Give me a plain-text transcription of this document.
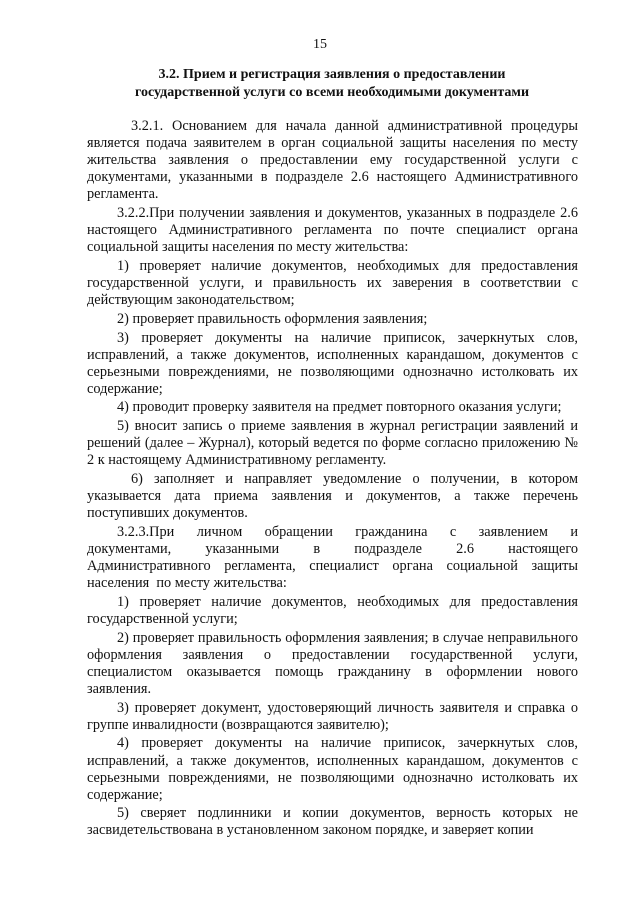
15
3.2. Прием и регистрация заявления о предоставлении
государственной услуги со всеми необходимыми документами

3.2.1. Основанием для начала данной административной процедуры является подача заявителем в орган социальной защиты населения по месту жительства заявления о предоставлении ему государственной услуги с документами, указанными в подразделе 2.6 настоящего Административного регламента.

3.2.2.При получении заявления и документов, указанных в подразделе 2.6 настоящего Административного регламента по почте специалист органа социальной защиты населения по месту жительства:

1) проверяет наличие документов, необходимых для предоставления государственной услуги, и правильность их заверения в соответствии с действующим законодательством;

2) проверяет правильность оформления заявления;

3) проверяет документы на наличие приписок, зачеркнутых слов, исправлений, а также документов, исполненных карандашом, документов с серьезными повреждениями, не позволяющими однозначно истолковать их содержание;

4) проводит проверку заявителя на предмет повторного оказания услуги;

5) вносит запись о приеме заявления в журнал регистрации заявлений и решений (далее – Журнал), который ведется по форме согласно приложению № 2 к настоящему Административному регламенту.

6) заполняет и направляет уведомление о получении, в котором указывается дата приема заявления и документов, а также перечень поступивших документов.

3.2.3.При    личном    обращении    гражданина    с    заявлением    и документами,    указанными    в    подразделе    2.6    настоящего Административного регламента, специалист органа социальной защиты населения  по месту жительства:

1) проверяет наличие документов, необходимых для предоставления государственной услуги;

2) проверяет правильность оформления заявления; в случае неправильного оформления заявления о предоставлении государственной услуги, специалистом оказывается помощь гражданину в оформлении нового заявления.

3) проверяет документ, удостоверяющий личность заявителя и справка о группе инвалидности (возвращаются заявителю);

4) проверяет документы на наличие приписок, зачеркнутых слов, исправлений, а также документов, исполненных карандашом, документов с серьезными повреждениями, не позволяющими однозначно истолковать их содержание;

5) сверяет подлинники и копии документов, верность которых не засвидетельствована в установленном законом порядке, и заверяет копии
